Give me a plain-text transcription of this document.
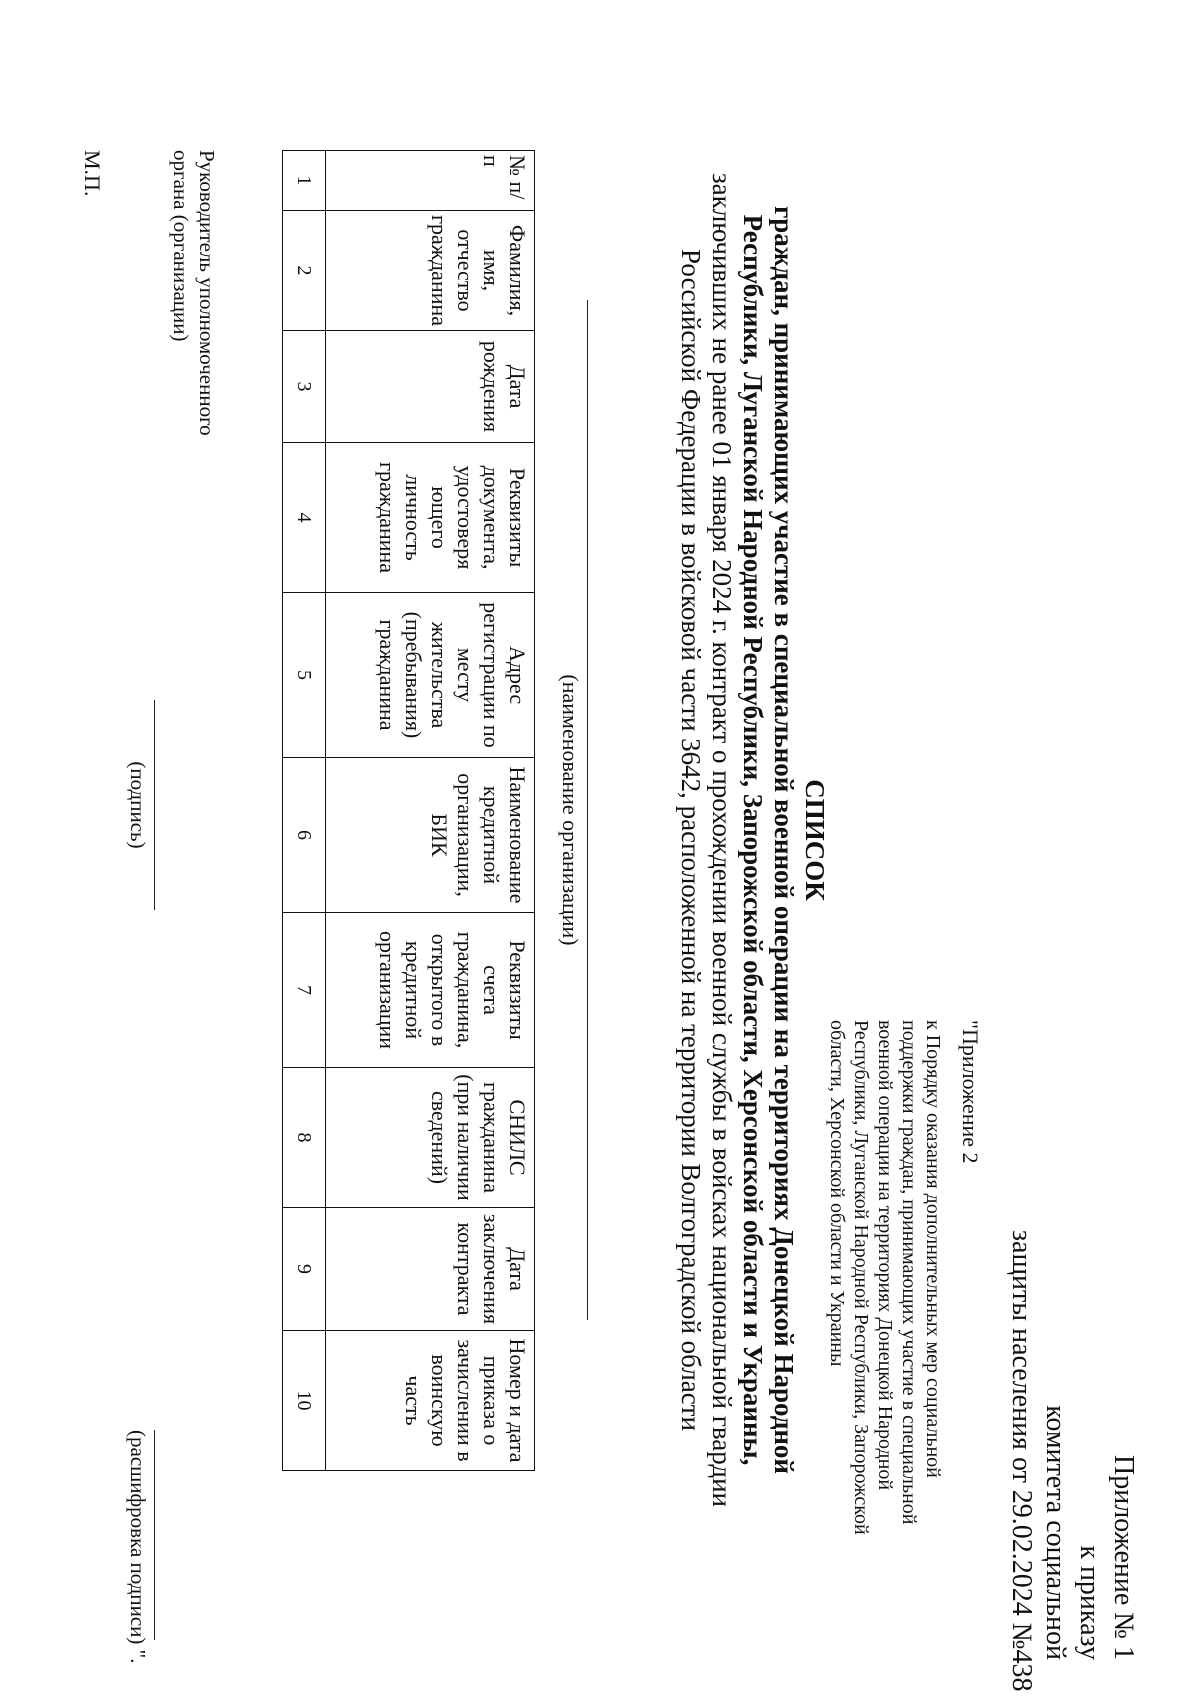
Приложение № 1
к приказу
комитета социальной
защиты населения от 29.02.2024 №438
"Приложение 2
к Порядку оказания дополнительных мер социальной
поддержки граждан, принимающих участие в специальной
военной операции на территориях Донецкой Народной
Республики, Луганской Народной Республики, Запорожской
области, Херсонской области и Украины
СПИСОК
граждан, принимающих участие в специальной военной операции на территориях Донецкой Народной
Республики, Луганской Народной Республики, Запорожской области, Херсонской области и Украины,
заключивших не ранее 01 января 2024 г. контракт о прохождении военной службы в войсках национальной гвардии
Российской Федерации в войсковой части 3642, расположенной на территории Волгоградской области
(наименование организации)
№ п/п	Фамилия, имя, отчество гражданина	Дата рождения	Реквизиты документа, удостоверя ющего личность гражданина	Адрес регистрации по месту жительства (пребывания) гражданина	Наименование кредитной организации, БИК	Реквизиты счета гражданина, открытого в кредитной организации	СНИЛС гражданина (при наличии сведений)	Дата заключения контракта	Номер и дата приказа о зачислении в воинскую часть
1	2	3	4	5	6	7	8	9	10
Руководитель уполномоченного
органа (организации)
(подпись)
(расшифровка подписи) ".
М.П.
